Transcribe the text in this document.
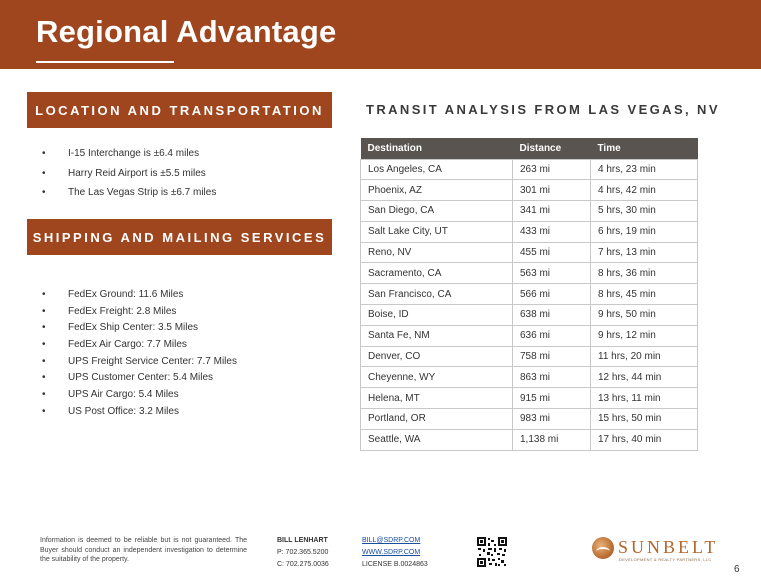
Regional Advantage
LOCATION AND TRANSPORTATION
• I-15 Interchange is ±6.4 miles
• Harry Reid Airport is ±5.5 miles
• The Las Vegas Strip is ±6.7 miles
SHIPPING AND MAILING SERVICES
• FedEx Ground: 11.6 Miles
• FedEx Freight: 2.8 Miles
• FedEx Ship Center: 3.5 Miles
• FedEx Air Cargo: 7.7 Miles
• UPS Freight Service Center: 7.7 Miles
• UPS Customer Center: 5.4 Miles
• UPS Air Cargo: 5.4 Miles
• US Post Office: 3.2 Miles
TRANSIT ANALYSIS FROM LAS VEGAS, NV
Destination	Distance	Time
Los Angeles, CA	263 mi	4 hrs, 23 min
Phoenix, AZ	301 mi	4 hrs, 42 min
San Diego, CA	341 mi	5 hrs, 30 min
Salt Lake City, UT	433 mi	6 hrs, 19 min
Reno, NV	455 mi	7 hrs, 13 min
Sacramento, CA	563 mi	8 hrs, 36 min
San Francisco, CA	566 mi	8 hrs, 45 min
Boise, ID	638 mi	9 hrs, 50 min
Santa Fe, NM	636 mi	9 hrs, 12 min
Denver, CO	758 mi	11 hrs, 20 min
Cheyenne, WY	863 mi	12 hrs, 44 min
Helena, MT	915 mi	13 hrs, 11 min
Portland, OR	983 mi	15 hrs, 50 min
Seattle, WA	1,138 mi	17 hrs, 40 min
Information is deemed to be reliable but is not guaranteed. The Buyer should conduct an independent investigation to determine the suitability of the property.
BILL LENHART
P: 702.365.5200
C: 702.275.0036
BILL@SDRP.COM
WWW.SDRP.COM
LICENSE B.0024863
SUNBELT
DEVELOPMENT & REALTY PARTNERS, LLC
6
